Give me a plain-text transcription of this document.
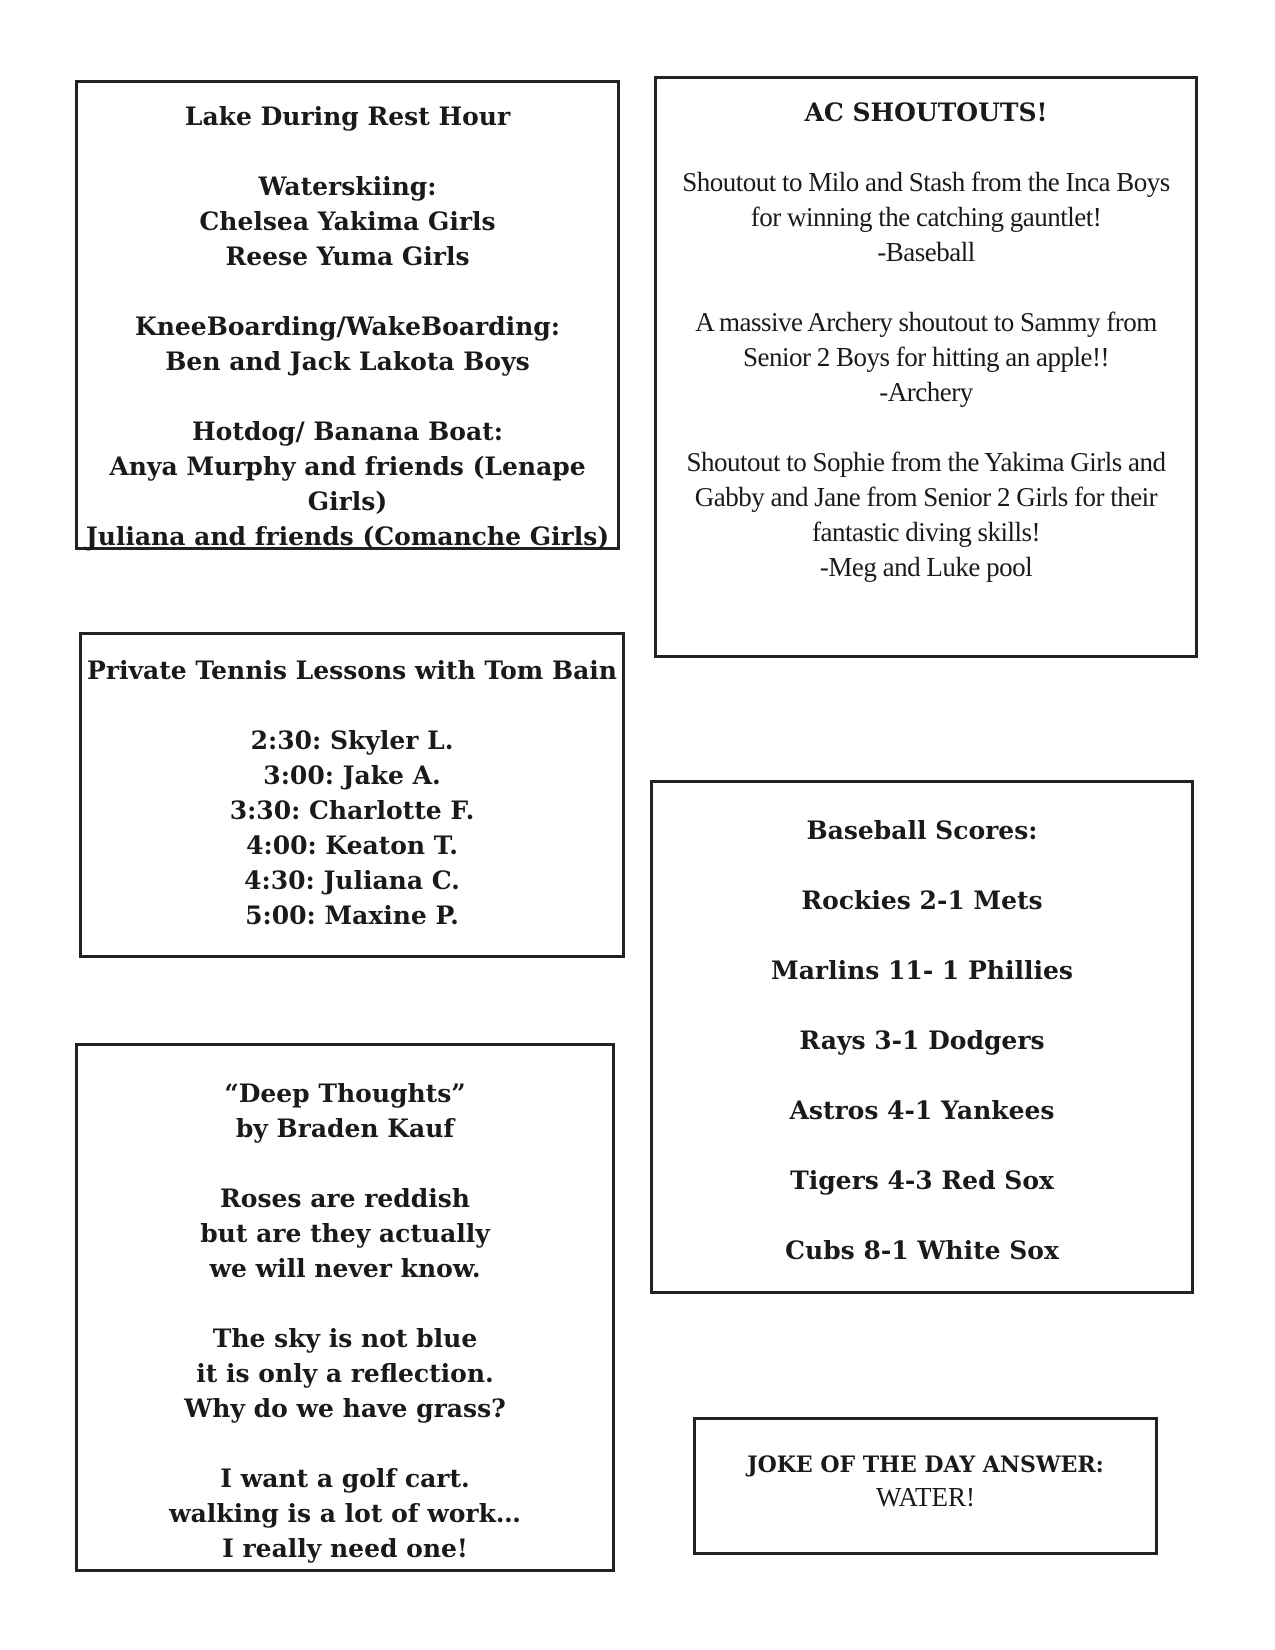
Lake During Rest Hour
Waterskiing:
Chelsea Yakima Girls
Reese Yuma Girls
KneeBoarding/WakeBoarding:
Ben and Jack Lakota Boys
Hotdog/ Banana Boat:
Anya Murphy and friends (Lenape Girls)
Juliana and friends (Comanche Girls)
AC SHOUTOUTS!
Shoutout to Milo and Stash from the Inca Boys
for winning the catching gauntlet!
-Baseball
A massive Archery shoutout to Sammy from
Senior 2 Boys for hitting an apple!!
-Archery
Shoutout to Sophie from the Yakima Girls and
Gabby and Jane from Senior 2 Girls for their
fantastic diving skills!
-Meg and Luke pool
Private Tennis Lessons with Tom Bain
2:30: Skyler L.
3:00: Jake A.
3:30: Charlotte F.
4:00: Keaton T.
4:30: Juliana C.
5:00: Maxine P.
Baseball Scores:
Rockies 2-1 Mets
Marlins 11- 1 Phillies
Rays 3-1 Dodgers
Astros 4-1 Yankees
Tigers 4-3 Red Sox
Cubs 8-1 White Sox
“Deep Thoughts”
by Braden Kauf
Roses are reddish
but are they actually
we will never know.
The sky is not blue
it is only a reflection.
Why do we have grass?
I want a golf cart.
walking is a lot of work…
I really need one!
JOKE OF THE DAY ANSWER:
WATER!
